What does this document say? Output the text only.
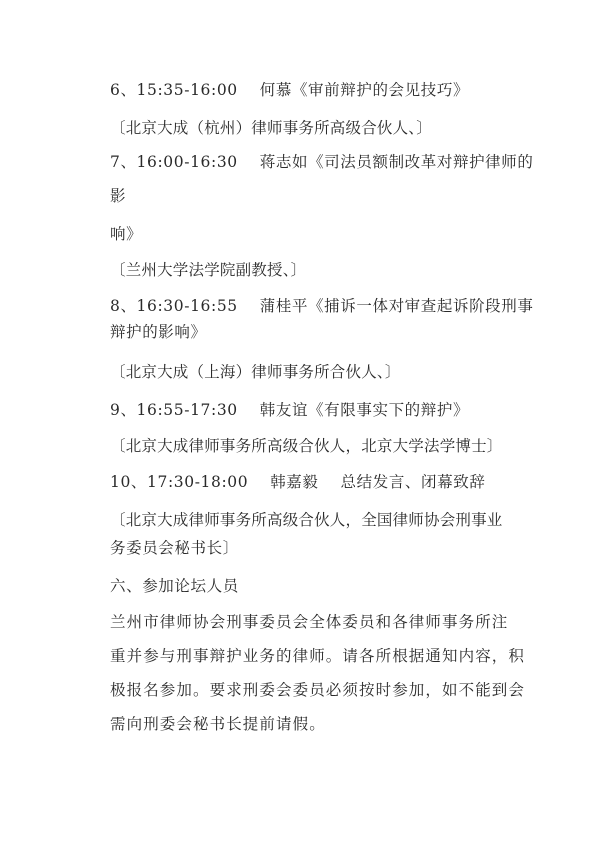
6、15:35-16:00 何慕《审前辩护的会见技巧》
〔北京大成（杭州）律师事务所高级合伙人、〕
7、16:00-16:30 蒋志如《司法员额制改革对辩护律师的
影
响》
〔兰州大学法学院副教授、〕
8、16:30-16:55 蒲桂平《捕诉一体对审查起诉阶段刑事
辩护的影响》
〔北京大成（上海）律师事务所合伙人、〕
9、16:55-17:30 韩友谊《有限事实下的辩护》
〔北京大成律师事务所高级合伙人，北京大学法学博士〕
10、17:30-18:00 韩嘉毅 总结发言、闭幕致辞
〔北京大成律师事务所高级合伙人，全国律师协会刑事业
务委员会秘书长〕
六、参加论坛人员
兰州市律师协会刑事委员会全体委员和各律师事务所注
重并参与刑事辩护业务的律师。请各所根据通知内容，积
极报名参加。要求刑委会委员必须按时参加，如不能到会
需向刑委会秘书长提前请假。
